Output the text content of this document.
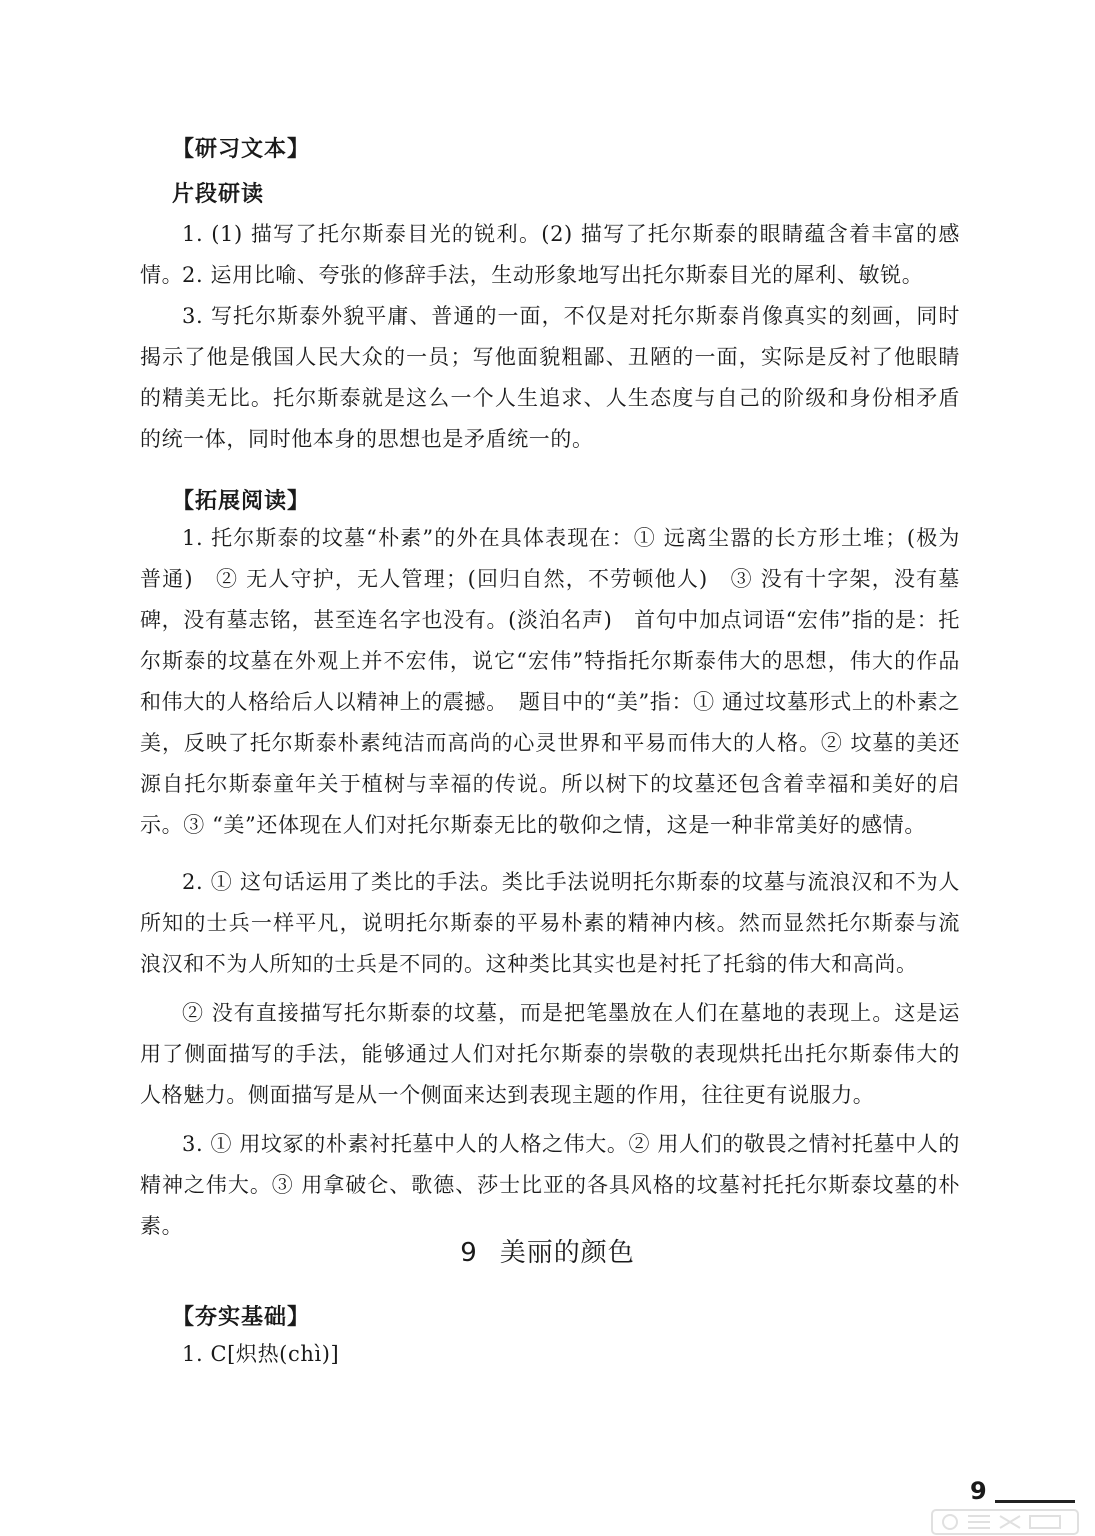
【研习文本】
片段研读

1. (1) 描写了托尔斯泰目光的锐利。(2) 描写了托尔斯泰的眼睛蕴含着丰富的感情。

2. 运用比喻、夸张的修辞手法，生动形象地写出托尔斯泰目光的犀利、敏锐。

3. 写托尔斯泰外貌平庸、普通的一面，不仅是对托尔斯泰肖像真实的刻画，同时揭示了他是俄国人民大众的一员；写他面貌粗鄙、丑陋的一面，实际是反衬了他眼睛的精美无比。托尔斯泰就是这么一个人生追求、人生态度与自己的阶级和身份相矛盾的统一体，同时他本身的思想也是矛盾统一的。

【拓展阅读】

1. 托尔斯泰的坟墓“朴素”的外在具体表现在：① 远离尘嚣的长方形土堆；(极为普通)　② 无人守护，无人管理；(回归自然，不劳顿他人)　③ 没有十字架，没有墓碑，没有墓志铭，甚至连名字也没有。(淡泊名声)　首句中加点词语“宏伟”指的是：托尔斯泰的坟墓在外观上并不宏伟，说它“宏伟”特指托尔斯泰伟大的思想，伟大的作品和伟大的人格给后人以精神上的震撼。　题目中的“美”指：① 通过坟墓形式上的朴素之美，反映了托尔斯泰朴素纯洁而高尚的心灵世界和平易而伟大的人格。② 坟墓的美还源自托尔斯泰童年关于植树与幸福的传说。所以树下的坟墓还包含着幸福和美好的启示。③ “美”还体现在人们对托尔斯泰无比的敬仰之情，这是一种非常美好的感情。

2. ① 这句话运用了类比的手法。类比手法说明托尔斯泰的坟墓与流浪汉和不为人所知的士兵一样平凡，说明托尔斯泰的平易朴素的精神内核。然而显然托尔斯泰与流浪汉和不为人所知的士兵是不同的。这种类比其实也是衬托了托翁的伟大和高尚。

② 没有直接描写托尔斯泰的坟墓，而是把笔墨放在人们在墓地的表现上。这是运用了侧面描写的手法，能够通过人们对托尔斯泰的崇敬的表现烘托出托尔斯泰伟大的人格魅力。侧面描写是从一个侧面来达到表现主题的作用，往往更有说服力。

3. ① 用坟冢的朴素衬托墓中人的人格之伟大。② 用人们的敬畏之情衬托墓中人的精神之伟大。③ 用拿破仑、歌德、莎士比亚的各具风格的坟墓衬托托尔斯泰坟墓的朴素。

9 美丽的颜色
【夯实基础】

1. C[炽热(chì)]

9
